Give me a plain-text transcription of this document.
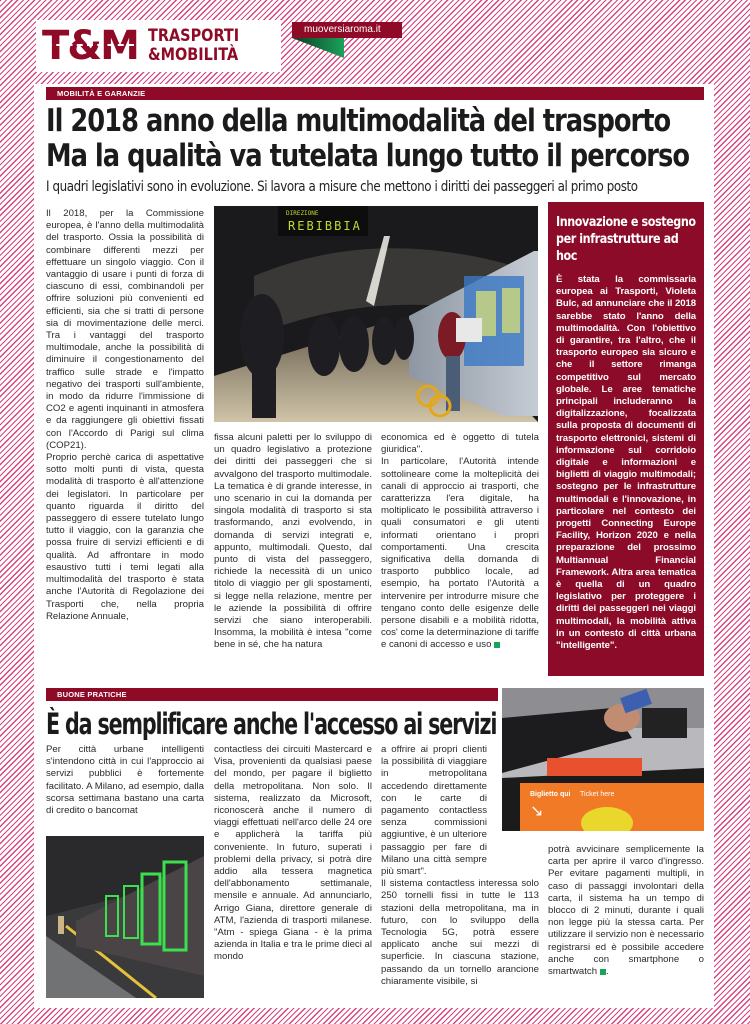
T&M TRASPORTI
&MOBILITÀ
muoversiaroma.it
MOBILITÀ E GARANZIE
Il 2018 anno della multimodalità del trasporto
Ma la qualità va tutelata lungo tutto il percorso
I quadri legislativi sono in evoluzione. Si lavora a misure che mettono i diritti dei passeggeri al primo posto

Il 2018, per la Commissione europea, è l'anno della multimodalità del trasporto. Ossia la possibilità di combinare differenti mezzi per effettuare un singolo viaggio. Con il vantaggio di usare i punti di forza di ciascuno di essi, combinandoli per offrire soluzioni più convenienti ed efficienti, sia che si tratti di persone sia di movimentazione delle merci. Tra i vantaggi del trasporto multimodale, anche la possibilità di diminuire il congestionamento del traffico sulle strade e l'impatto negativo dei trasporti sull'ambiente, in modo da ridurre l'immissione di CO2 e agenti inquinanti in atmosfera e da raggiungere gli obiettivi fissati con l'Accordo di Parigi sul clima (COP21).

Proprio perchè carica di aspettative sotto molti punti di vista, questa modalità di trasporto è all'attenzione dei legislatori. In particolare per quanto riguarda il diritto del passeggero di essere tutelato lungo tutto il viaggio, con la garanzia che possa fruire di servizi efficienti e di qualità. Ad affrontare in modo esaustivo tutti i temi legati alla multimodalità del trasporto è stata anche l'Autorità di Regolazione dei Trasporti che, nella propria Relazione Annuale,

DIREZIONE
REBIBBIA

fissa alcuni paletti per lo sviluppo di un quadro legislativo a protezione dei diritti dei passeggeri che si avvalgono del trasporto multimodale. La tematica è di grande interesse, in uno scenario in cui la domanda per singola modalità di trasporto si sta trasformando, anzi evolvendo, in domanda di servizi integrati e, appunto, multimodali. Questo, dal punto di vista del passeggero, richiede la necessità di un unico titolo di viaggio per gli spostamenti, si legge nella relazione, mentre per le aziende la possibilità di offrire servizi che siano interoperabili. Insomma, la mobilità è intesa "come bene in sé, che ha natura

economica ed è oggetto di tutela giuridica".

In particolare, l'Autorità intende sottolineare come la molteplicità dei canali di approccio ai trasporti, che caratterizza l'era digitale, ha moltiplicato le possibilità attraverso i quali consumatori e gli utenti informati orientano i propri comportamenti. Una crescita significativa della domanda di trasporto pubblico locale, ad esempio, ha portato l'Autorità a intervenire per introdurre misure che tengano conto delle esigenze delle persone disabili e a mobilità ridotta, cos' come la determinazione di tariffe e canoni di accesso e uso

Innovazione e sostegno per infrastrutture ad hoc
È stata la commissaria europea ai Trasporti, Violeta Bulc, ad annunciare che il 2018 sarebbe stato l'anno della multimodalità. Con l'obiettivo di garantire, tra l'altro, che il trasporto europeo sia sicuro e che il settore rimanga competitivo sul mercato globale. Le aree tematiche principali includeranno la digitalizzazione, focalizzata sulla proposta di documenti di trasporto elettronici, sistemi di informazione sul corridoio digitale e informazioni e biglietti di viaggio multimodali; sostegno per le infrastrutture multimodali e l'innovazione, in particolare nel contesto dei progetti Connecting Europe Facility, Horizon 2020 e nella preparazione del prossimo Multiannual Financial Framework. Altra area tematica è quella di un quadro legislativo per proteggere i diritti dei passeggeri nei viaggi multimodali, la mobilità attiva in un contesto di città urbana "intelligente".
BUONE PRATICHE
È da semplificare anche l'accesso ai servizi
Biglietto qui Ticket here
↘

Per città urbane intelligenti s'intendono città in cui l'approccio ai servizi pubblici è fortemente facilitato. A Milano, ad esempio, dalla scorsa settimana bastano una carta di credito o bancomat

contactless dei circuiti Mastercard e Visa, provenienti da qualsiasi paese del mondo, per pagare il biglietto della metropolitana. Non solo. Il sistema, realizzato da Microsoft, riconoscerà anche il numero di viaggi effettuati nell'arco delle 24 ore e applicherà la tariffa più conveniente. In futuro, superati i problemi della privacy, si potrà dire addio alla tessera magnetica dell'abbonamento settimanale, mensile e annuale. Ad annunciarlo, Arrigo Giana, direttore generale di ATM, l'azienda di trasporti milanese. "Atm - spiega Giana - è la prima azienda in Italia e tra le prime dieci al mondo

a offrire ai propri clienti la possibilità di viaggiare in metropolitana accedendo direttamente con le carte di pagamento contactless senza commissioni aggiuntive, è un ulteriore passaggio per fare di Milano una città sempre più smart".

Il sistema contactless interessa solo 250 tornelli fissi in tutte le 113 stazioni della metropolitana, ma in futuro, con lo sviluppo della Tecnologia 5G, potrà essere applicato anche sui mezzi di superficie. In ciascuna stazione, passando da un tornello arancione chiaramente visibile, si

potrà avvicinare semplicemente la carta per aprire il varco d'ingresso. Per evitare pagamenti multipli, in caso di passaggi involontari della carta, il sistema ha un tempo di blocco di 2 minuti, durante i quali non legge più la stessa carta. Per utilizzare il servizio non è necessario registrarsi ed è possibile accedere anche con smartphone o smartwatch .
